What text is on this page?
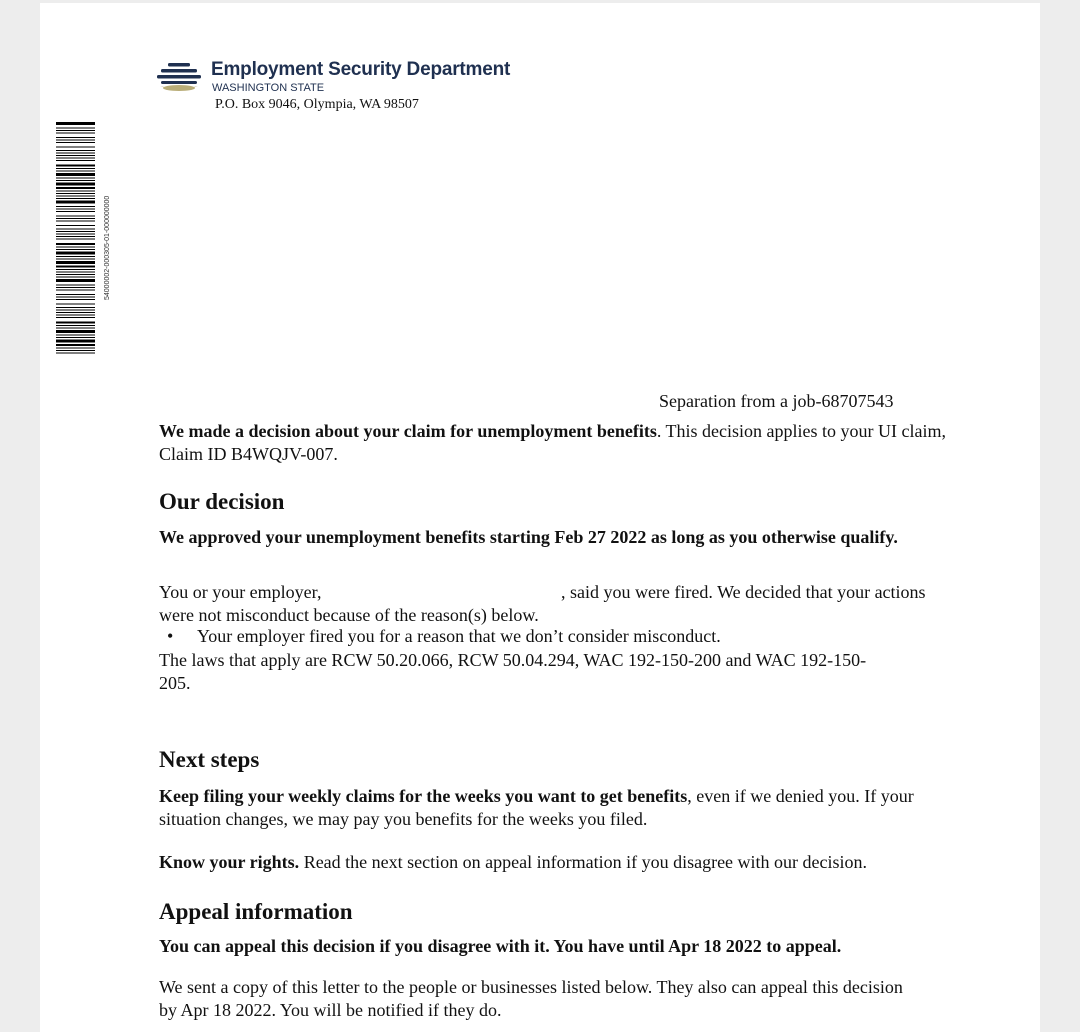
Employment Security Department
WASHINGTON STATE
P.O. Box 9046, Olympia, WA 98507
54000002-000305-01-000000000
Separation from a job-68707543

We made a decision about your claim for unemployment benefits. This decision applies to your UI claim, Claim ID B4WQJV-007.

Our decision

We approved your unemployment benefits starting Feb 27 2022 as long as you otherwise qualify.

You or your employer,	, said you were fired. We decided that your actions were not misconduct because of the reason(s) below.

• Your employer fired you for a reason that we don’t consider misconduct.

The laws that apply are RCW 50.20.066, RCW 50.04.294, WAC 192-150-200 and WAC 192-150-205.

Next steps

Keep filing your weekly claims for the weeks you want to get benefits, even if we denied you. If your situation changes, we may pay you benefits for the weeks you filed.

Know your rights. Read the next section on appeal information if you disagree with our decision.

Appeal information

You can appeal this decision if you disagree with it. You have until Apr 18 2022 to appeal.

We sent a copy of this letter to the people or businesses listed below. They also can appeal this decision by Apr 18 2022. You will be notified if they do.
